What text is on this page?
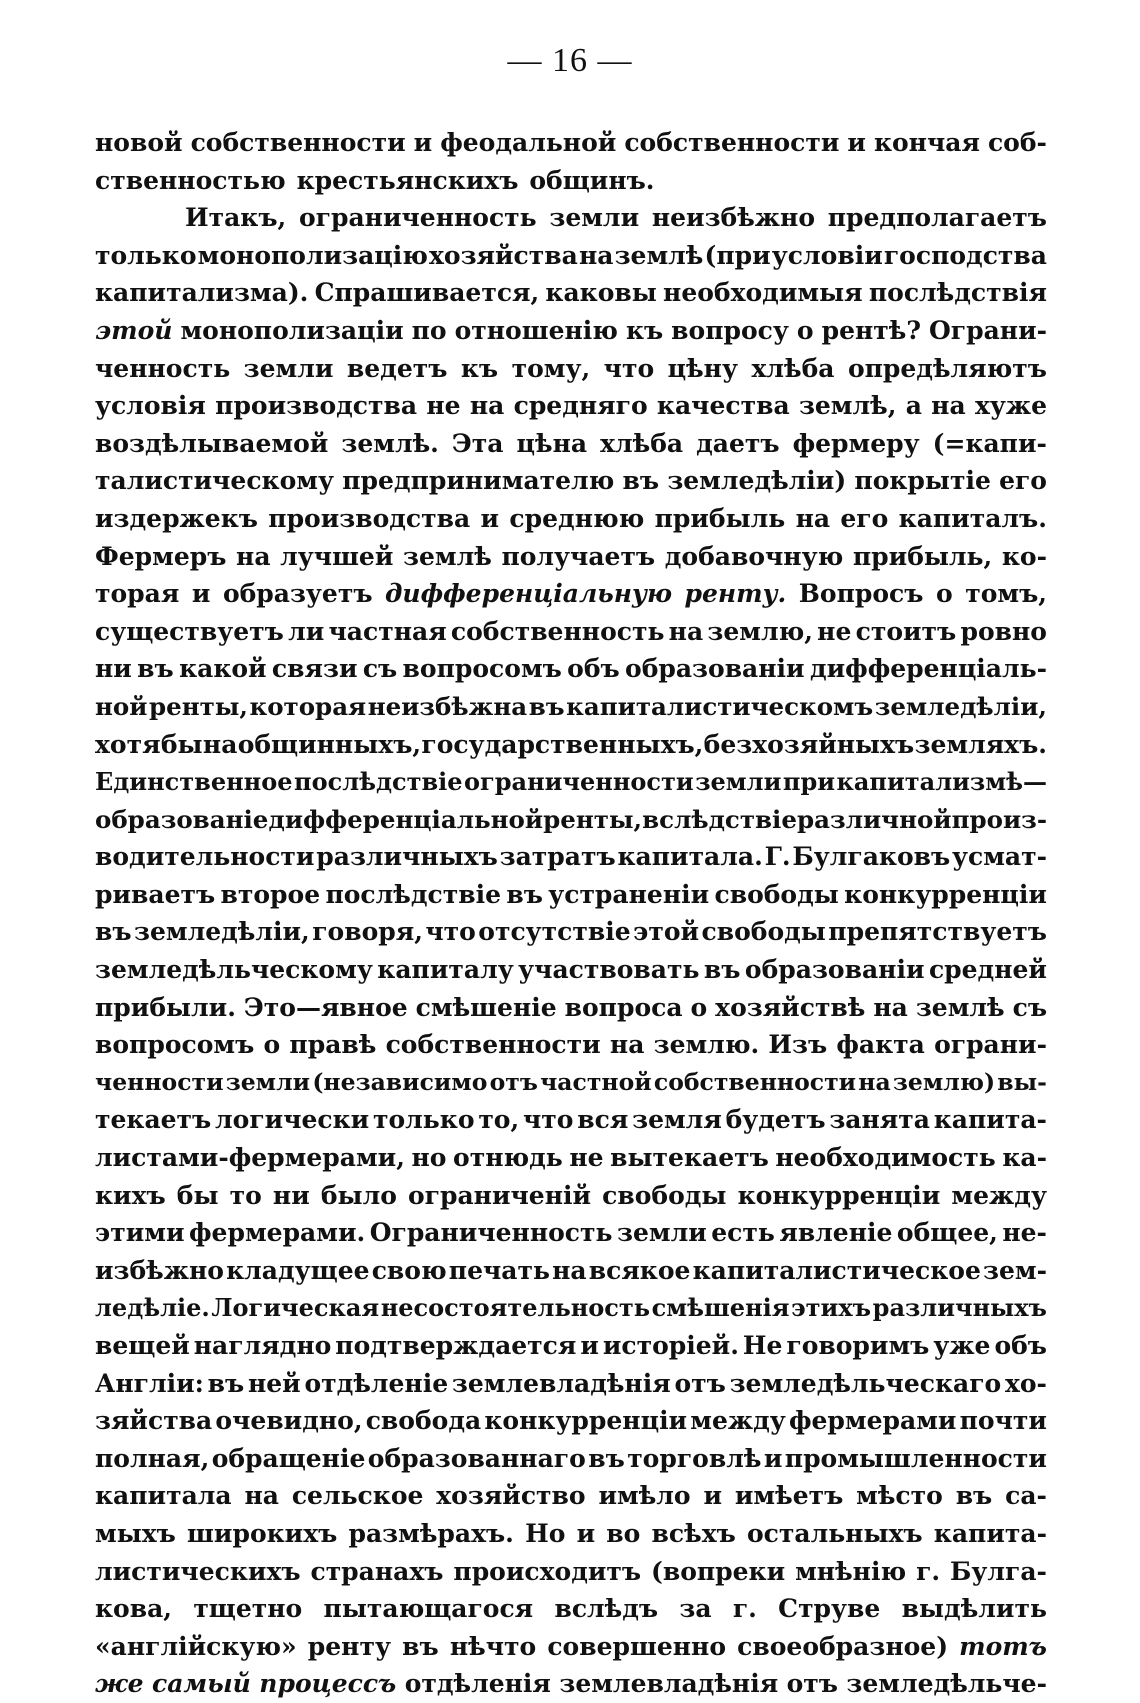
— 16 —
новой собственности и феодальной собственности и кончая соб-
ственностью крестьянскихъ общинъ.
Итакъ, ограниченность земли неизбѣжно предполагаетъ
только монополизацію хозяйства на землѣ (при условіи господства
капитализма). Спрашивается, каковы необходимыя послѣдствія
этой монополизаціи по отношенію къ вопросу о рентѣ? Ограни-
ченность земли ведетъ къ тому, что цѣну хлѣба опредѣляютъ
условія производства не на средняго качества землѣ, а на хуже
воздѣлываемой землѣ. Эта цѣна хлѣба даетъ фермеру (=капи-
талистическому предпринимателю въ земледѣліи) покрытіе его
издержекъ производства и среднюю прибыль на его капиталъ.
Фермеръ на лучшей землѣ получаетъ добавочную прибыль, ко-
торая и образуетъ дифференціальную ренту. Вопросъ о томъ,
существуетъ ли частная собственность на землю, не стоитъ ровно
ни въ какой связи съ вопросомъ объ образованіи дифференціаль-
ной ренты, которая неизбѣжна въ капиталистическомъ земледѣліи,
хотя бы на общинныхъ, государственныхъ, безхозяйныхъ земляхъ.
Единственное послѣдствіе ограниченности земли при капитализмѣ—
образованіе дифференціальной ренты, вслѣдствіе различной произ-
водительности различныхъ затратъ капитала. Г. Булгаковъ усмат-
риваетъ второе послѣдствіе въ устраненіи свободы конкурренціи
въ земледѣліи, говоря, что отсутствіе этой свободы препятствуетъ
земледѣльческому капиталу участвовать въ образованіи средней
прибыли. Это—явное смѣшеніе вопроса о хозяйствѣ на землѣ съ
вопросомъ о правѣ собственности на землю. Изъ факта ограни-
ченности земли (независимо отъ частной собственности на землю) вы-
текаетъ логически только то, что вся земля будетъ занята капита-
листами-фермерами, но отнюдь не вытекаетъ необходимость ка-
кихъ бы то ни было ограниченій свободы конкурренціи между
этими фермерами. Ограниченность земли есть явленіе общее, не-
избѣжно кладущее свою печать на всякое капиталистическое зем-
ледѣліе. Логическая несостоятельность смѣшенія этихъ различныхъ
вещей наглядно подтверждается и исторіей. Не говоримъ уже объ
Англіи: въ ней отдѣленіе землевладѣнія отъ земледѣльческаго хо-
зяйства очевидно, свобода конкурренціи между фермерами почти
полная, обращеніе образованнаго въ торговлѣ и промышленности
капитала на сельское хозяйство имѣло и имѣетъ мѣсто въ са-
мыхъ широкихъ размѣрахъ. Но и во всѣхъ остальныхъ капита-
листическихъ странахъ происходитъ (вопреки мнѣнію г. Булга-
кова, тщетно пытающагося вслѣдъ за г. Струве выдѣлить
«англійскую» ренту въ нѣчто совершенно своеобразное) тотъ
же самый процессъ отдѣленія землевладѣнія отъ земледѣльче-
